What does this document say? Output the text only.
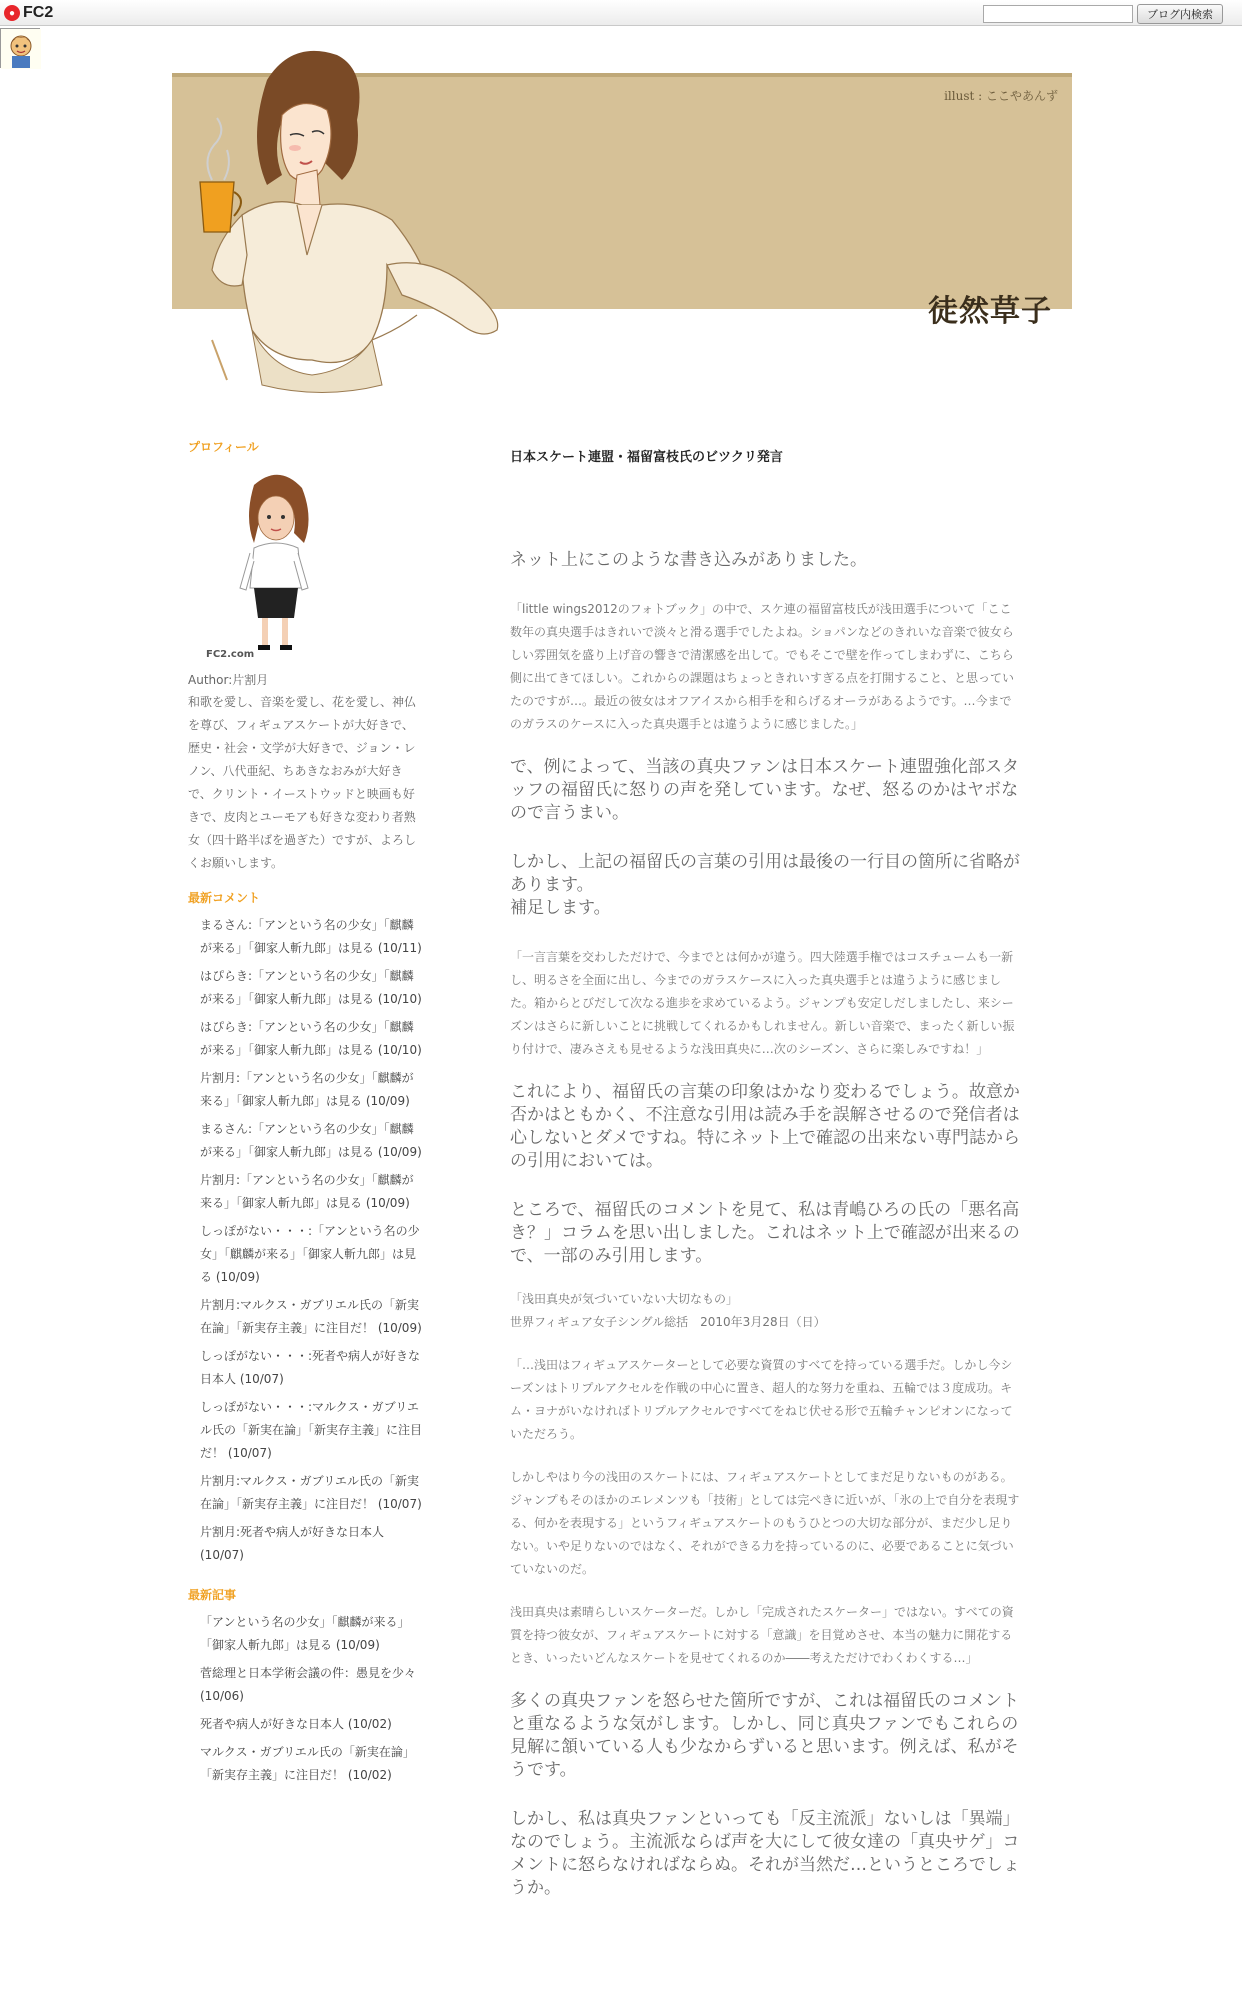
● FC2	ブログ内検索
illust : ここやあんず
徒然草子
プロフィール
FC2.com
Author:片割月
和歌を愛し、音楽を愛し、花を愛し、神仏を尊び、フィギュアスケートが大好きで、歴史・社会・文学が大好きで、ジョン・レノン、八代亜紀、ちあきなおみが大好きで、クリント・イーストウッドと映画も好きで、皮肉とユーモアも好きな変わり者熟女（四十路半ばを過ぎた）ですが、よろしくお願いします。
最新コメント
まるさん:「アンという名の少女」「麒麟が来る」「御家人斬九郎」は見る (10/11)
はぴらき:「アンという名の少女」「麒麟が来る」「御家人斬九郎」は見る (10/10)
はぴらき:「アンという名の少女」「麒麟が来る」「御家人斬九郎」は見る (10/10)
片割月:「アンという名の少女」「麒麟が来る」「御家人斬九郎」は見る (10/09)
まるさん:「アンという名の少女」「麒麟が来る」「御家人斬九郎」は見る (10/09)
片割月:「アンという名の少女」「麒麟が来る」「御家人斬九郎」は見る (10/09)
しっぽがない・・・:「アンという名の少女」「麒麟が来る」「御家人斬九郎」は見る (10/09)
片割月:マルクス・ガブリエル氏の「新実在論」「新実存主義」に注目だ！ (10/09)
しっぽがない・・・:死者や病人が好きな日本人 (10/07)
しっぽがない・・・:マルクス・ガブリエル氏の「新実在論」「新実存主義」に注目だ！ (10/07)
片割月:マルクス・ガブリエル氏の「新実在論」「新実存主義」に注目だ！ (10/07)
片割月:死者や病人が好きな日本人 (10/07)
最新記事
「アンという名の少女」「麒麟が来る」「御家人斬九郎」は見る (10/09)
菅総理と日本学術会議の件：愚見を少々 (10/06)
死者や病人が好きな日本人 (10/02)
マルクス・ガブリエル氏の「新実在論」「新実存主義」に注目だ！ (10/02)
日本スケート連盟・福留富枝氏のビツクリ発言

ネット上にこのような書き込みがありました。

「little wings2012のフォトブック」の中で、スケ連の福留富枝氏が浅田選手について「ここ数年の真央選手はきれいで淡々と滑る選手でしたよね。ショパンなどのきれいな音楽で彼女らしい雰囲気を盛り上げ音の響きで清潔感を出して。でもそこで壁を作ってしまわずに、こちら側に出てきてほしい。これからの課題はちょっときれいすぎる点を打開すること、と思っていたのですが…。最近の彼女はオフアイスから相手を和らげるオーラがあるようです。…今までのガラスのケースに入った真央選手とは違うように感じました。」

で、例によって、当該の真央ファンは日本スケート連盟強化部スタッフの福留氏に怒りの声を発しています。なぜ、怒るのかはヤボなので言うまい。

しかし、上記の福留氏の言葉の引用は最後の一行目の箇所に省略があります。

補足します。

「一言言葉を交わしただけで、今までとは何かが違う。四大陸選手権ではコスチュームも一新し、明るさを全面に出し、今までのガラスケースに入った真央選手とは違うように感じました。箱からとびだして次なる進歩を求めているよう。ジャンプも安定しだしましたし、来シーズンはさらに新しいことに挑戦してくれるかもしれません。新しい音楽で、まったく新しい振り付けで、凄みさえも見せるような浅田真央に…次のシーズン、さらに楽しみですね！」

これにより、福留氏の言葉の印象はかなり変わるでしょう。故意か否かはともかく、不注意な引用は読み手を誤解させるので発信者は心しないとダメですね。特にネット上で確認の出来ない専門誌からの引用においては。

ところで、福留氏のコメントを見て、私は青嶋ひろの氏の「悪名高き？」コラムを思い出しました。これはネット上で確認が出来るので、一部のみ引用します。

「浅田真央が気づいていない大切なもの」

世界フィギュア女子シングル総括　2010年3月28日（日）

「…浅田はフィギュアスケーターとして必要な資質のすべてを持っている選手だ。しかし今シーズンはトリプルアクセルを作戦の中心に置き、超人的な努力を重ね、五輪では３度成功。キム・ヨナがいなければトリプルアクセルですべてをねじ伏せる形で五輪チャンピオンになっていただろう。

しかしやはり今の浅田のスケートには、フィギュアスケートとしてまだ足りないものがある。ジャンプもそのほかのエレメンツも「技術」としては完ぺきに近いが、「氷の上で自分を表現する、何かを表現する」というフィギュアスケートのもうひとつの大切な部分が、まだ少し足りない。いや足りないのではなく、それができる力を持っているのに、必要であることに気づいていないのだ。

浅田真央は素晴らしいスケーターだ。しかし「完成されたスケーター」ではない。すべての資質を持つ彼女が、フィギュアスケートに対する「意識」を目覚めさせ、本当の魅力に開花するとき、いったいどんなスケートを見せてくれるのか――考えただけでわくわくする…」

多くの真央ファンを怒らせた箇所ですが、これは福留氏のコメントと重なるような気がします。しかし、同じ真央ファンでもこれらの見解に頷いている人も少なからずいると思います。例えば、私がそうです。

しかし、私は真央ファンといっても「反主流派」ないしは「異端」なのでしょう。主流派ならば声を大にして彼女達の「真央サゲ」コメントに怒らなければならぬ。それが当然だ…というところでしょうか。
